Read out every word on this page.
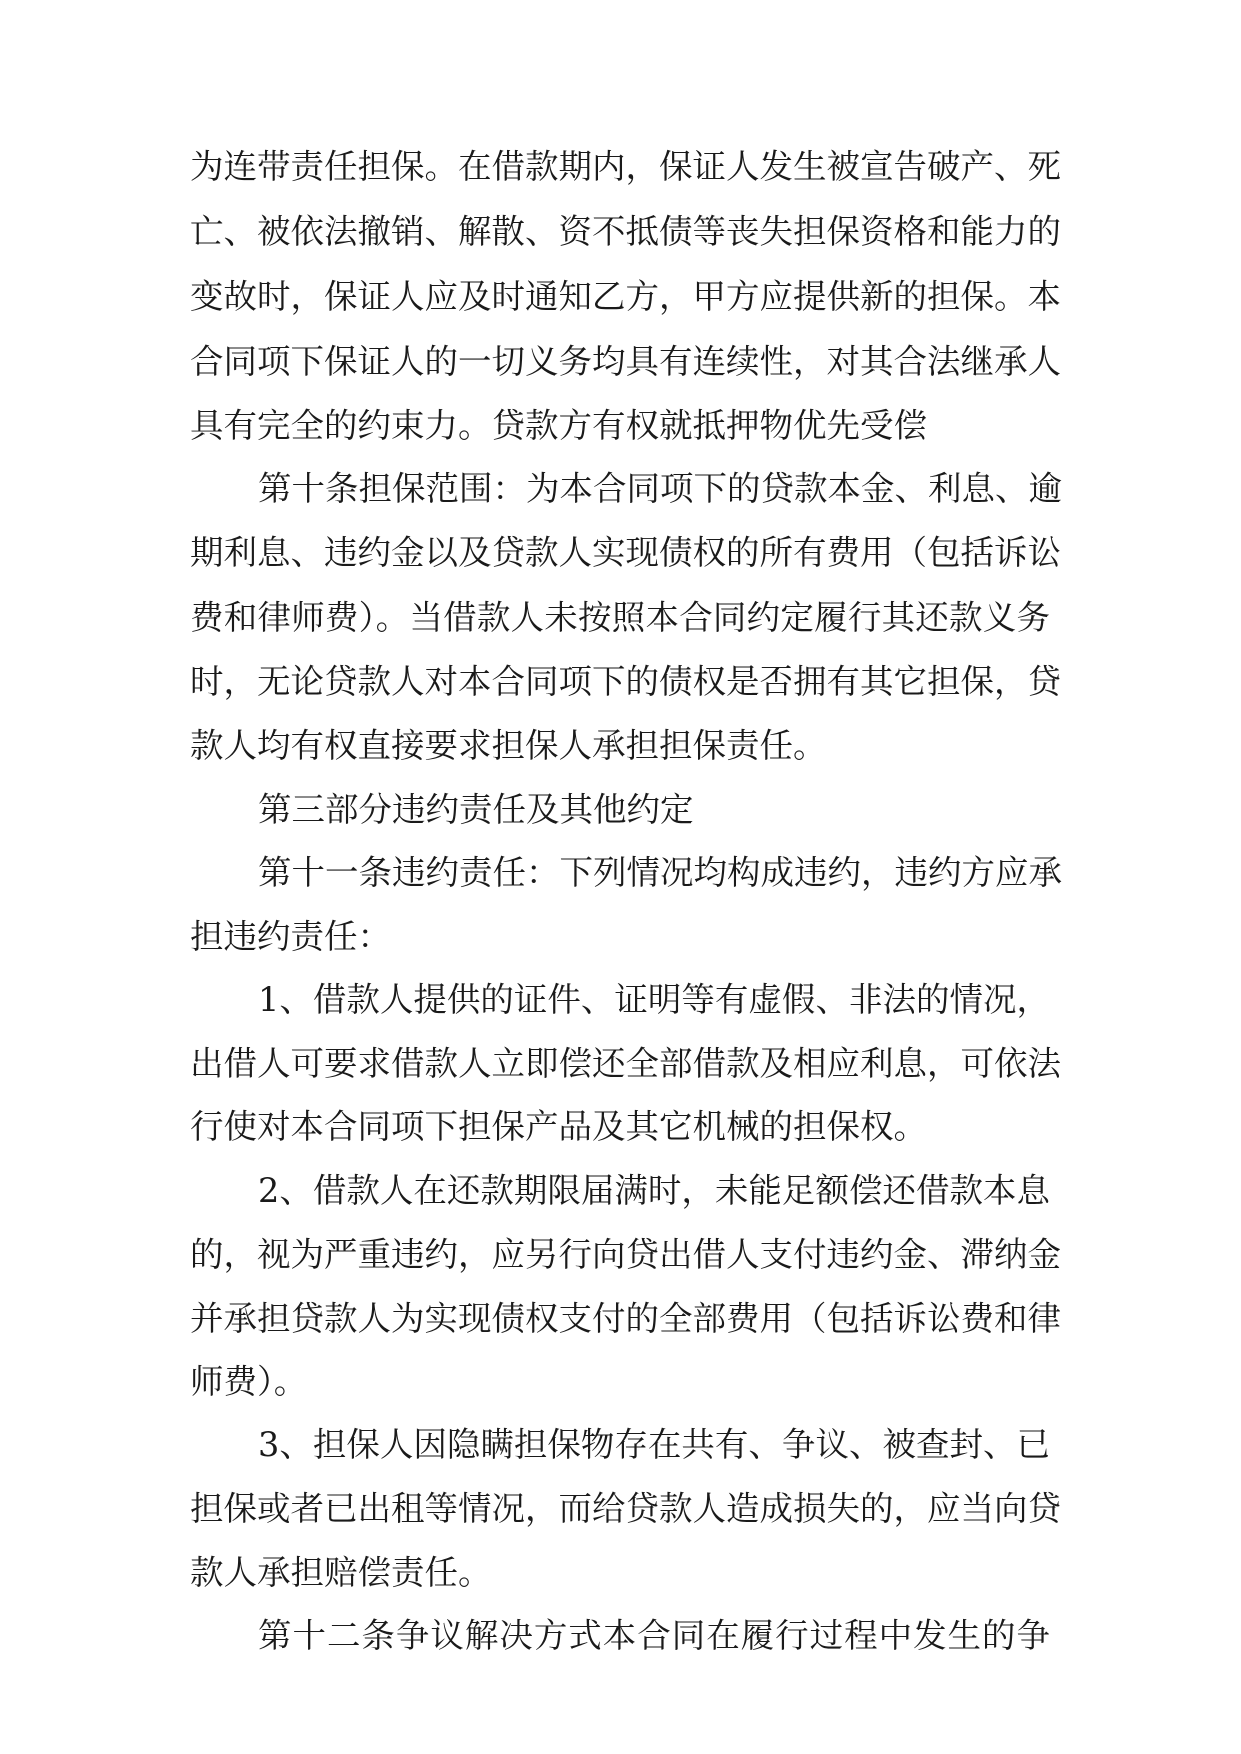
为连带责任担保。在借款期内，保证人发生被宣告破产、死
亡、被依法撤销、解散、资不抵债等丧失担保资格和能力的
变故时，保证人应及时通知乙方，甲方应提供新的担保。本
合同项下保证人的一切义务均具有连续性，对其合法继承人
具有完全的约束力。贷款方有权就抵押物优先受偿
第十条担保范围：为本合同项下的贷款本金、利息、逾
期利息、违约金以及贷款人实现债权的所有费用（包括诉讼
费和律师费）。当借款人未按照本合同约定履行其还款义务
时，无论贷款人对本合同项下的债权是否拥有其它担保，贷
款人均有权直接要求担保人承担担保责任。
第三部分违约责任及其他约定
第十一条违约责任：下列情况均构成违约，违约方应承
担违约责任：
1、借款人提供的证件、证明等有虚假、非法的情况，
出借人可要求借款人立即偿还全部借款及相应利息，可依法
行使对本合同项下担保产品及其它机械的担保权。
2、借款人在还款期限届满时，未能足额偿还借款本息
的，视为严重违约，应另行向贷出借人支付违约金、滞纳金
并承担贷款人为实现债权支付的全部费用（包括诉讼费和律
师费）。
3、担保人因隐瞒担保物存在共有、争议、被查封、已
担保或者已出租等情况，而给贷款人造成损失的，应当向贷
款人承担赔偿责任。
第十二条争议解决方式本合同在履行过程中发生的争
